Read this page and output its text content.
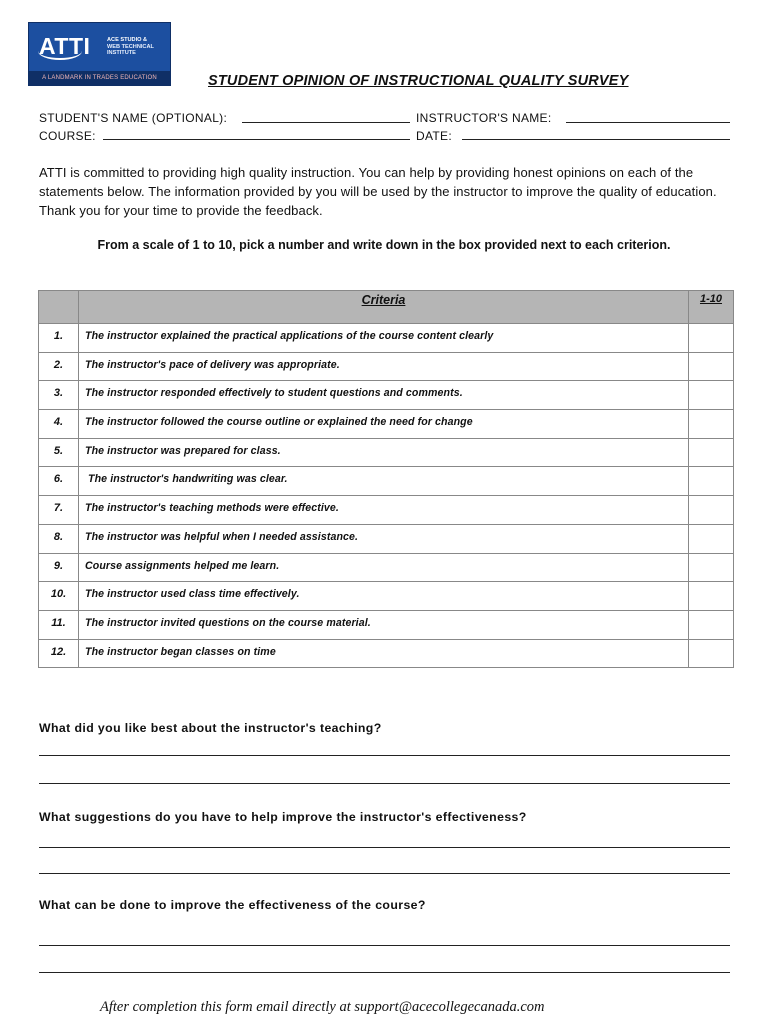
ATTI	ACE STUDIO &
WEB TECHNICAL
INSTITUTE
A LANDMARK IN TRADES EDUCATION	STUDENT OPINION OF INSTRUCTIONAL QUALITY SURVEY
STUDENT'S NAME (OPTIONAL):	INSTRUCTOR'S NAME:
COURSE:	DATE:
ATTI is committed to providing high quality instruction. You can help by providing honest opinions on each of the statements below. The information provided by you will be used by the instructor to improve the quality of education. Thank you for your time to provide the feedback.
From a scale of 1 to 10, pick a number and write down in the box provided next to each criterion.
	Criteria	1-10
1.	The instructor explained the practical applications of the course content clearly	
2.	The instructor's pace of delivery was appropriate.	
3.	The instructor responded effectively to student questions and comments.	
4.	The instructor followed the course outline or explained the need for change	
5.	The instructor was prepared for class.	
6.	The instructor's handwriting was clear.	
7.	The instructor's teaching methods were effective.	
8.	The instructor was helpful when I needed assistance.	
9.	Course assignments helped me learn.	
10.	The instructor used class time effectively.	
11.	The instructor invited questions on the course material.	
12.	The instructor began classes on time	
What did you like best about the instructor's teaching?
What suggestions do you have to help improve the instructor's effectiveness?
What can be done to improve the effectiveness of the course?
After completion this form email directly at support@acecollegecanada.com
